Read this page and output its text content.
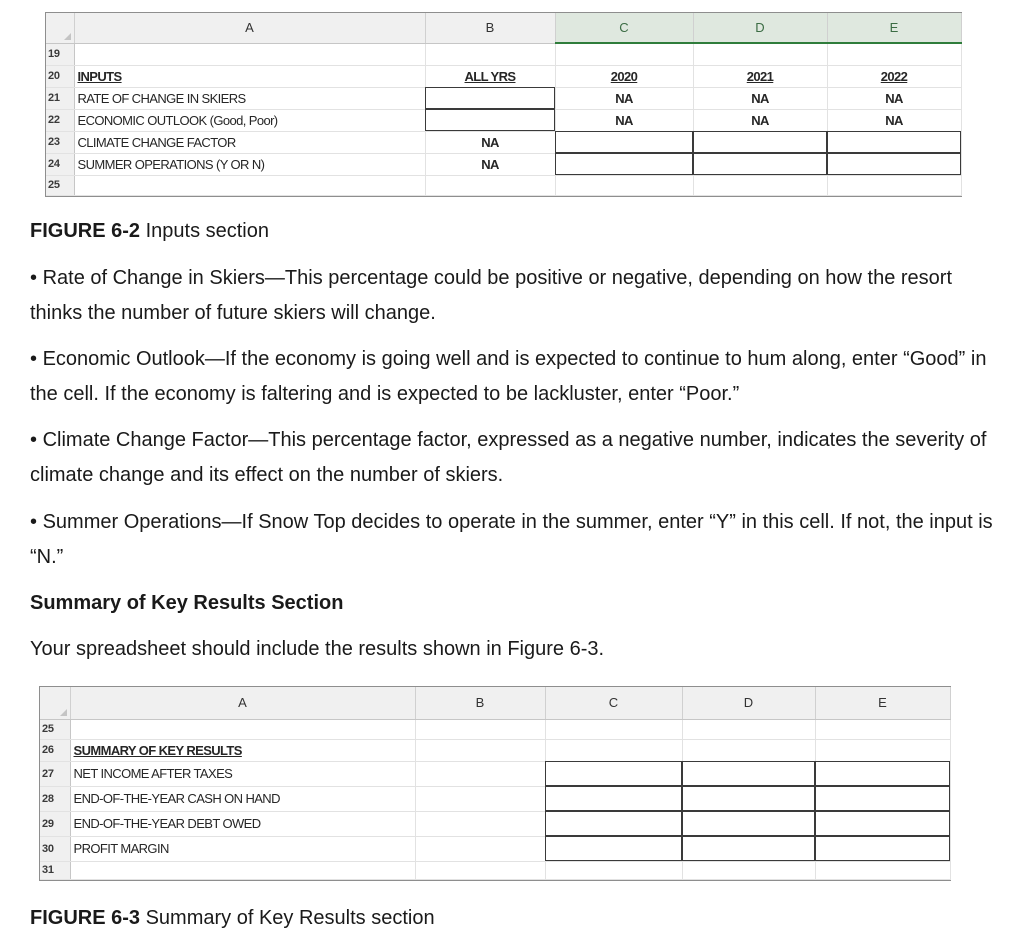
	A	B	C	D	E
19					
20	INPUTS	ALL YRS	2020	2021	2022
21	RATE OF CHANGE IN SKIERS		NA	NA	NA
22	ECONOMIC OUTLOOK (Good, Poor)		NA	NA	NA
23	CLIMATE CHANGE FACTOR	NA			
24	SUMMER OPERATIONS (Y OR N)	NA			
25					

FIGURE 6-2 Inputs section

• Rate of Change in Skiers—This percentage could be positive or negative, depending on how the resort thinks the number of future skiers will change.

• Economic Outlook—If the economy is going well and is expected to continue to hum along, enter “Good” in the cell. If the economy is faltering and is expected to be lackluster, enter “Poor.”

• Climate Change Factor—This percentage factor, expressed as a negative number, indicates the severity of climate change and its effect on the number of skiers.

• Summer Operations—If Snow Top decides to operate in the summer, enter “Y” in this cell. If not, the input is “N.”

Summary of Key Results Section

Your spreadsheet should include the results shown in Figure 6-3.

	A	B	C	D	E
25					
26	SUMMARY OF KEY RESULTS				
27	NET INCOME AFTER TAXES				
28	END-OF-THE-YEAR CASH ON HAND				
29	END-OF-THE-YEAR DEBT OWED				
30	PROFIT MARGIN				
31					

FIGURE 6-3 Summary of Key Results section
